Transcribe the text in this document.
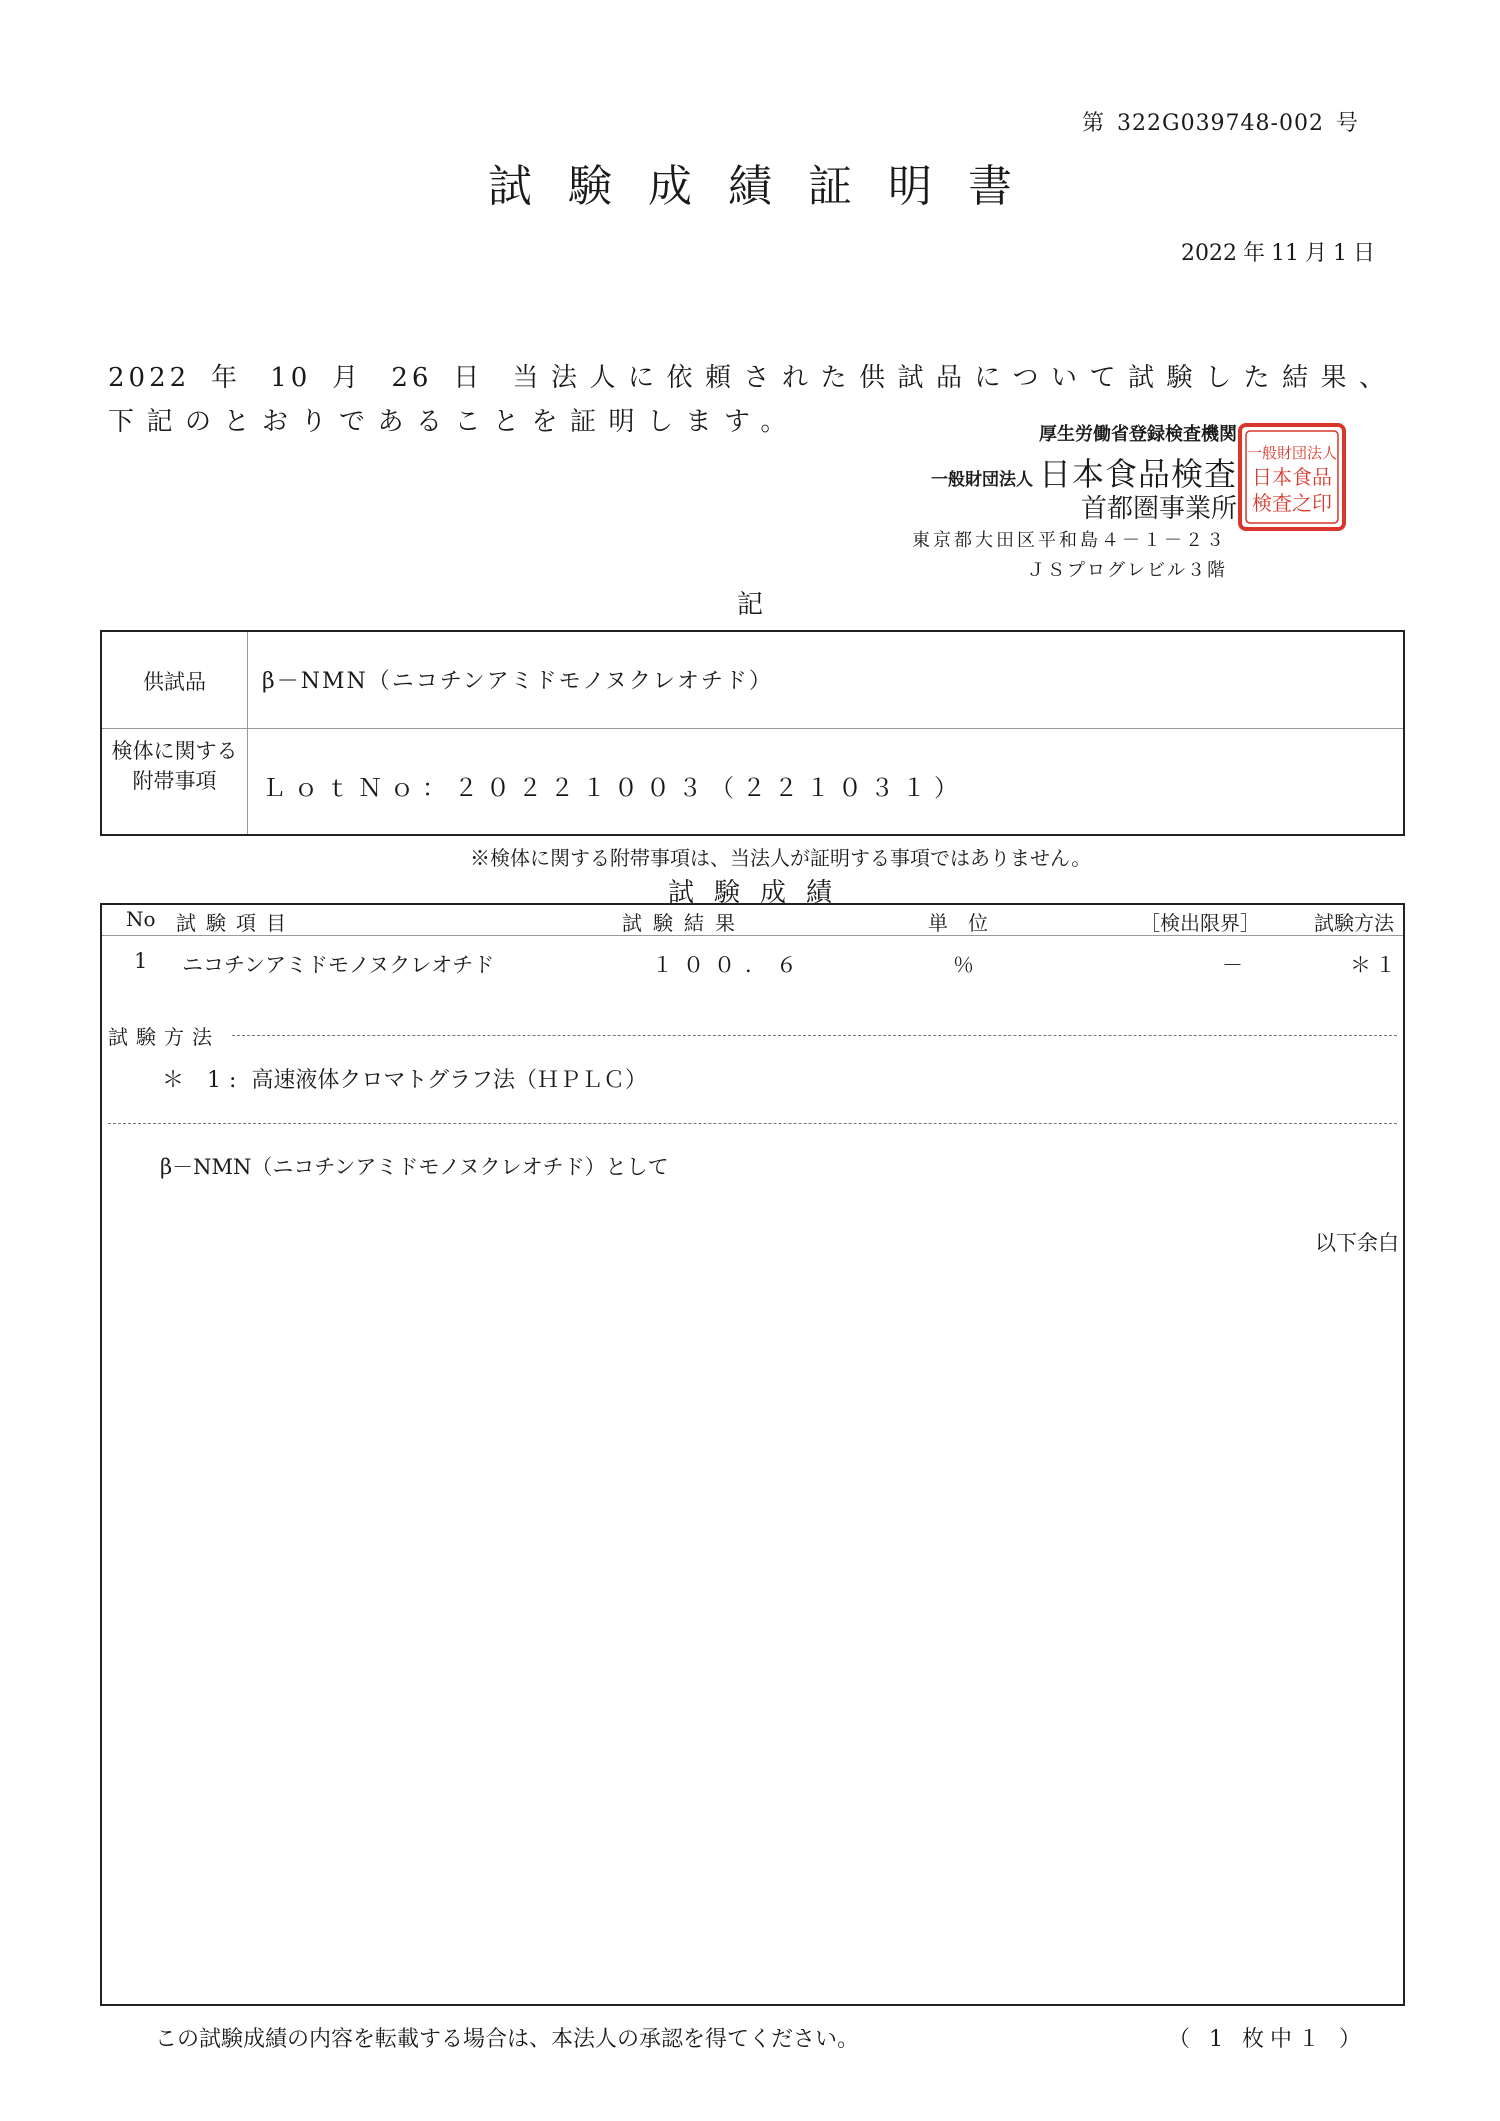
第 322G039748-002 号
試験成績証明書
2022 年 11 月 1 日
2022 年 10 月 26 日 当法人に依頼された供試品について試験した結果、下記のとおりであることを証明します。	厚生労働省登録検査機関
一般財団法人 日本食品検査
首都圏事業所
東京都大田区平和島４－１－２３
ＪＳプログレビル３階
一般財団法人
日本食品
検査之印
記
供試品	β－NMN（ニコチンアミドモノヌクレオチド）
検体に関する附帯事項	ＬｏｔＮｏ：２０２２１００３（２２１０３１）
※検体に関する附帯事項は、当法人が証明する事項ではありません。
試験成績
No 試験項目	試験結果	単位	［検出限界］	試験方法
1 ニコチンアミドモノヌクレオチド	１００．６	％	－	＊１
試験方法
＊ 1: 高速液体クロマトグラフ法（ＨＰＬＣ）
β－NMN（ニコチンアミドモノヌクレオチド）として
以下余白
この試験成績の内容を転載する場合は、本法人の承認を得てください。	（ 1 枚中１ ）
